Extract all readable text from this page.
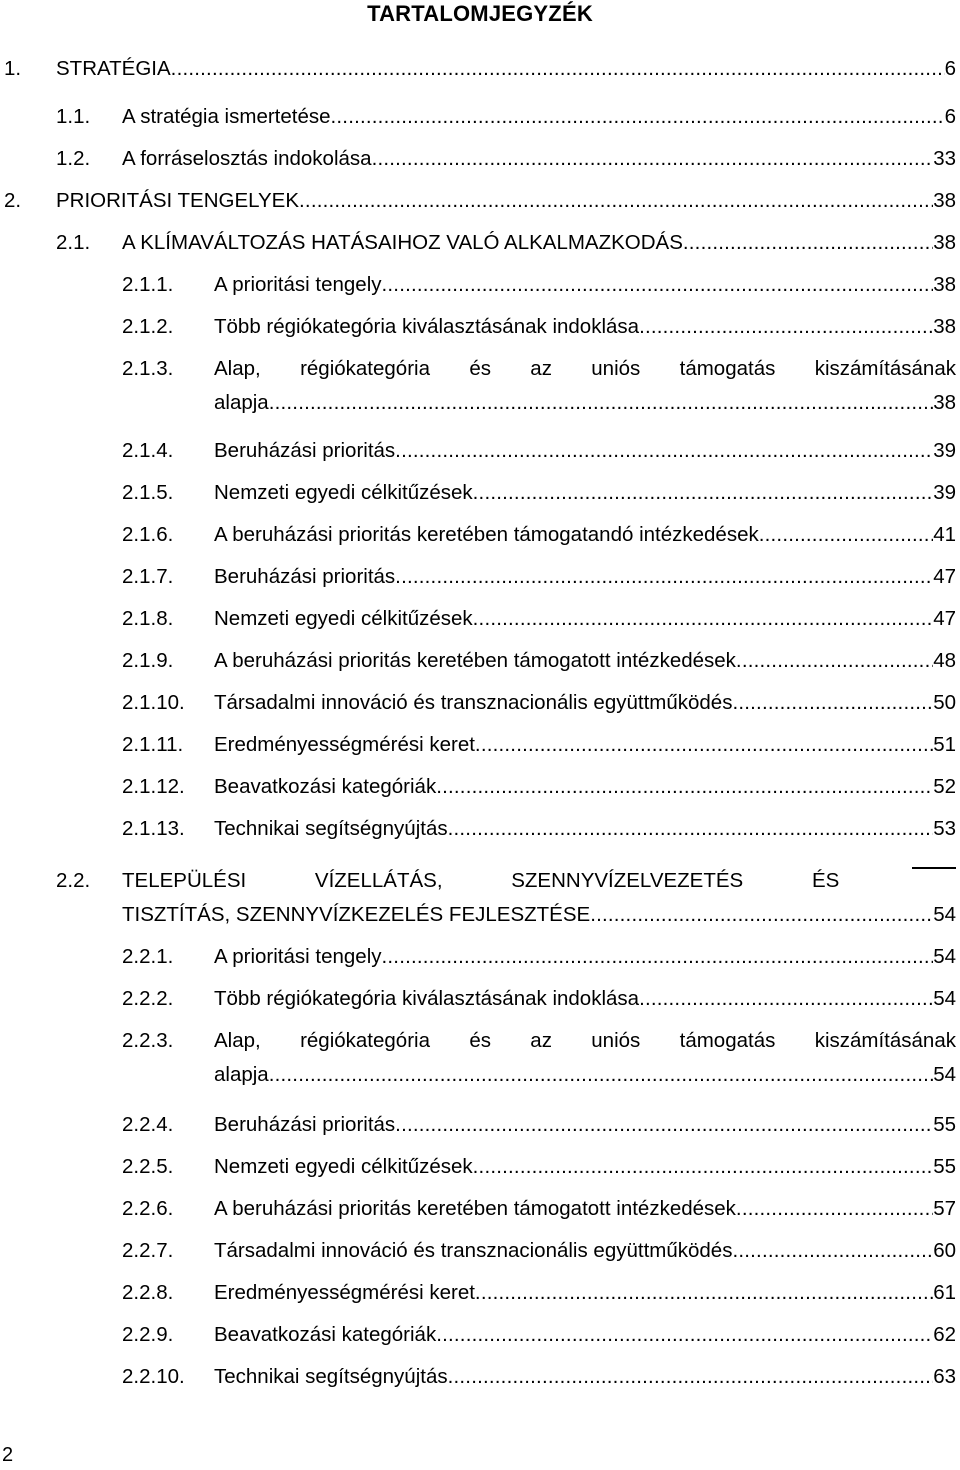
TARTALOMJEGYZÉK
1. STRATÉGIA .....	6
1.1. A stratégia ismertetése .....	6
1.2. A forráselosztás indokolása .....	33
2. PRIORITÁSI TENGELYEK .....	38
2.1. A KLÍMAVÁLTOZÁS HATÁSAIHOZ VALÓ ALKALMAZKODÁS .....	38
2.1.1. A prioritási tengely .....	38
2.1.2. Több régiókategória kiválasztásának indoklása .....	38
2.1.3. Alap, régiókategória és az uniós támogatás kiszámításának
alapja .....	38
2.1.4. Beruházási prioritás .....	39
2.1.5. Nemzeti egyedi célkitűzések .....	39
2.1.6. A beruházási prioritás keretében támogatandó intézkedések .....	41
2.1.7. Beruházási prioritás .....	47
2.1.8. Nemzeti egyedi célkitűzések .....	47
2.1.9. A beruházási prioritás keretében támogatott intézkedések .....	48
2.1.10. Társadalmi innováció és transznacionális együttműködés .....	50
2.1.11. Eredményességmérési keret .....	51
2.1.12. Beavatkozási kategóriák .....	52
2.1.13. Technikai segítségnyújtás .....	53
2.2. TELEPÜLÉSI	VÍZELLÁTÁS,	SZENNYVÍZELVEZETÉS	ÉS
TISZTÍTÁS, SZENNYVÍZKEZELÉS FEJLESZTÉSE .....	54
2.2.1. A prioritási tengely .....	54
2.2.2. Több régiókategória kiválasztásának indoklása .....	54
2.2.3. Alap, régiókategória és az uniós támogatás kiszámításának
alapja .....	54
2.2.4. Beruházási prioritás .....	55
2.2.5. Nemzeti egyedi célkitűzések .....	55
2.2.6. A beruházási prioritás keretében támogatott intézkedések .....	57
2.2.7. Társadalmi innováció és transznacionális együttműködés .....	60
2.2.8. Eredményességmérési keret .....	61
2.2.9. Beavatkozási kategóriák .....	62
2.2.10. Technikai segítségnyújtás .....	63
2
